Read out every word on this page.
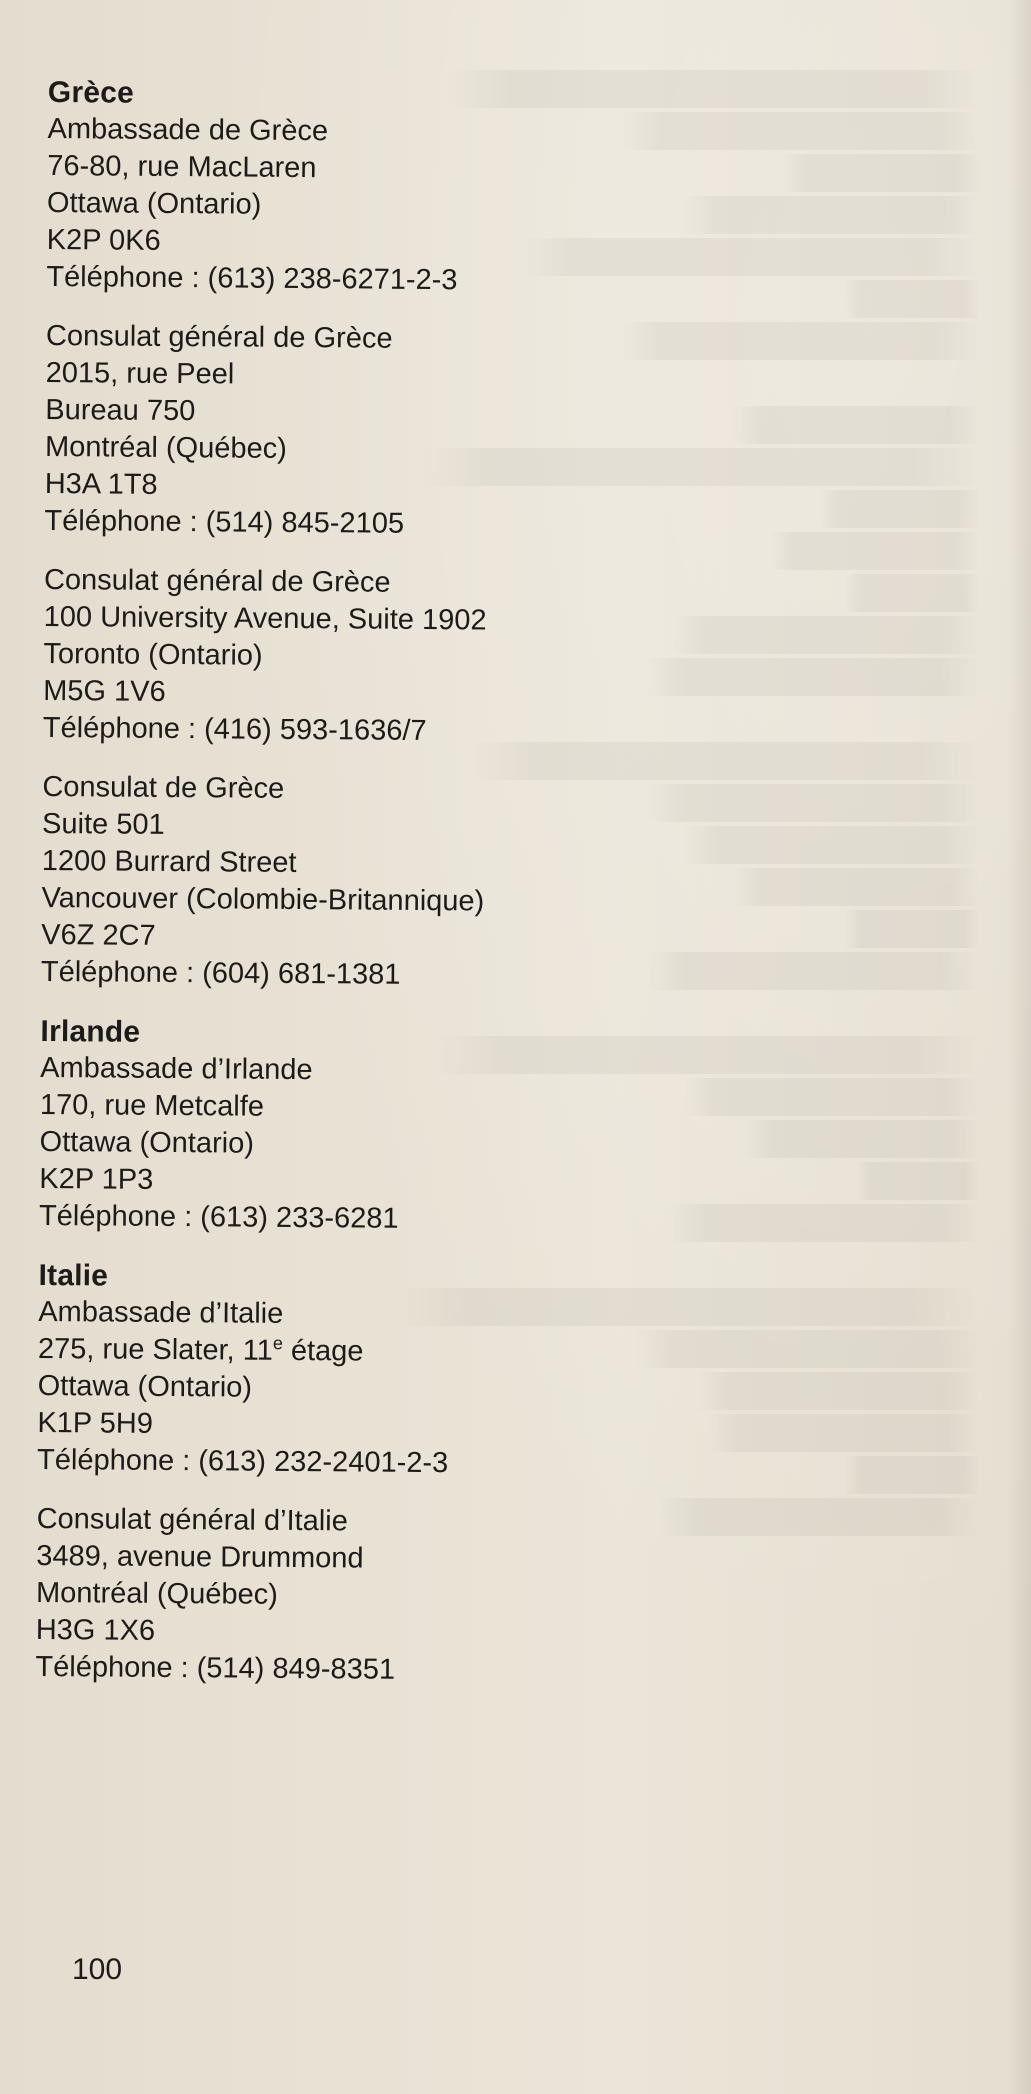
Grèce
Ambassade de Grèce
76-80, rue MacLaren
Ottawa (Ontario)
K2P 0K6
Téléphone : (613) 238-6271-2-3
Consulat général de Grèce
2015, rue Peel
Bureau 750
Montréal (Québec)
H3A 1T8
Téléphone : (514) 845-2105
Consulat général de Grèce
100 University Avenue, Suite 1902
Toronto (Ontario)
M5G 1V6
Téléphone : (416) 593-1636/7
Consulat de Grèce
Suite 501
1200 Burrard Street
Vancouver (Colombie-Britannique)
V6Z 2C7
Téléphone : (604) 681-1381
Irlande
Ambassade d’Irlande
170, rue Metcalfe
Ottawa (Ontario)
K2P 1P3
Téléphone : (613) 233-6281
Italie
Ambassade d’Italie
275, rue Slater, 11e étage
Ottawa (Ontario)
K1P 5H9
Téléphone : (613) 232-2401-2-3
Consulat général d’Italie
3489, avenue Drummond
Montréal (Québec)
H3G 1X6
Téléphone : (514) 849-8351
100
